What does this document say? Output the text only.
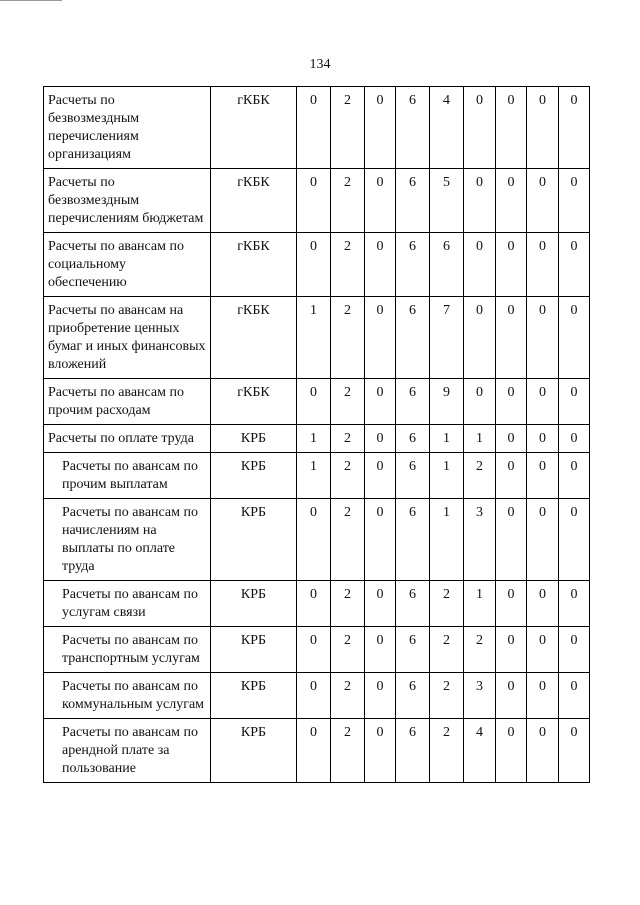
134
Расчеты по безвозмездным перечислениям организациям	гКБК	0	2	0	6	4	0	0	0	0
Расчеты по безвозмездным перечислениям бюджетам	гКБК	0	2	0	6	5	0	0	0	0
Расчеты по авансам по социальному обеспечению	гКБК	0	2	0	6	6	0	0	0	0
Расчеты по авансам на приобретение ценных бумаг и иных финансовых вложений	гКБК	1	2	0	6	7	0	0	0	0
Расчеты по авансам по прочим расходам	гКБК	0	2	0	6	9	0	0	0	0
Расчеты по оплате труда	КРБ	1	2	0	6	1	1	0	0	0
Расчеты по авансам по прочим выплатам	КРБ	1	2	0	6	1	2	0	0	0
Расчеты по авансам по начислениям на выплаты по оплате труда	КРБ	0	2	0	6	1	3	0	0	0
Расчеты по авансам по услугам связи	КРБ	0	2	0	6	2	1	0	0	0
Расчеты по авансам по транспортным услугам	КРБ	0	2	0	6	2	2	0	0	0
Расчеты по авансам по коммунальным услугам	КРБ	0	2	0	6	2	3	0	0	0
Расчеты по авансам по арендной плате за пользование	КРБ	0	2	0	6	2	4	0	0	0
